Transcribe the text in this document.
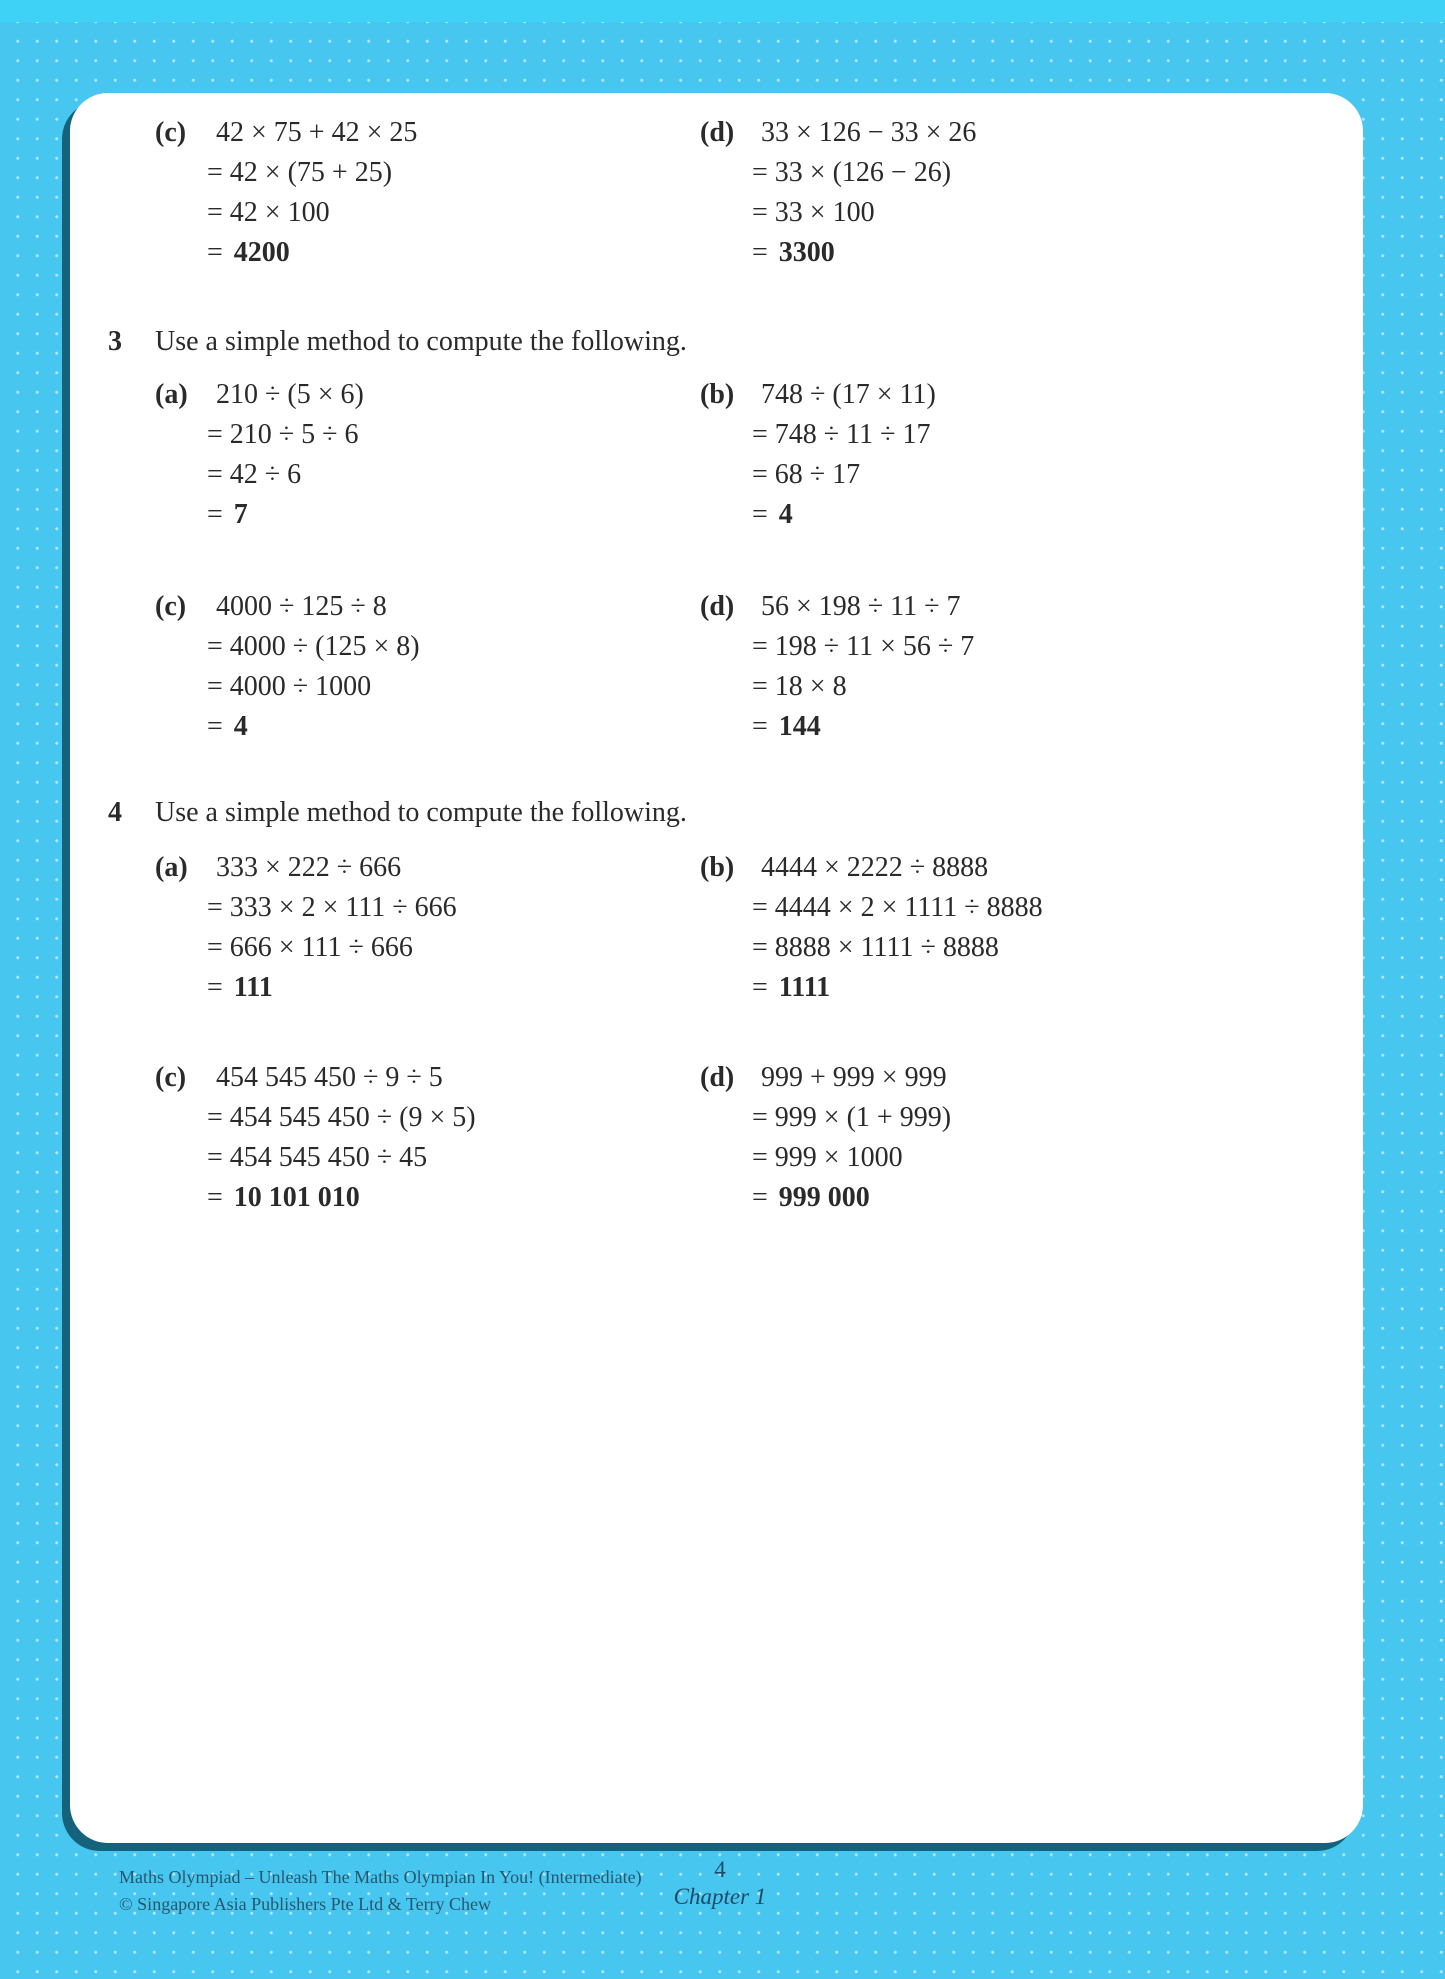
(c)	42 × 75 + 42 × 25
= 42 × (75 + 25)
= 42 × 100
= 4200
(d) 33 × 126 − 33 × 26
= 33 × (126 − 26)
= 33 × 100
= 3300
3	Use a simple method to compute the following.
(a)	210 ÷ (5 × 6)
= 210 ÷ 5 ÷ 6
= 42 ÷ 6
= 7
(b) 748 ÷ (17 × 11)
= 748 ÷ 11 ÷ 17
= 68 ÷ 17
= 4
(c)	4000 ÷ 125 ÷ 8
= 4000 ÷ (125 × 8)
= 4000 ÷ 1000
= 4
(d) 56 × 198 ÷ 11 ÷ 7
= 198 ÷ 11 × 56 ÷ 7
= 18 × 8
= 144
4	Use a simple method to compute the following.
(a)	333 × 222 ÷ 666
= 333 × 2 × 111 ÷ 666
= 666 × 111 ÷ 666
= 111
(b) 4444 × 2222 ÷ 8888
= 4444 × 2 × 1111 ÷ 8888
= 8888 × 1111 ÷ 8888
= 1111
(c)	454 545 450 ÷ 9 ÷ 5
= 454 545 450 ÷ (9 × 5)
= 454 545 450 ÷ 45
= 10 101 010
(d) 999 + 999 × 999
= 999 × (1 + 999)
= 999 × 1000
= 999 000
Maths Olympiad – Unleash The Maths Olympian In You! (Intermediate)
© Singapore Asia Publishers Pte Ltd & Terry Chew
4
Chapter 1
